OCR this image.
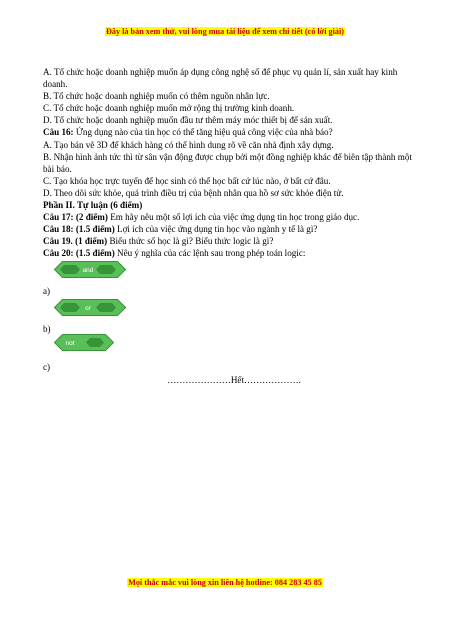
Đây là bản xem thử, vui lòng mua tài liệu để xem chi tiết (có lời giải)

A. Tổ chức hoặc doanh nghiệp muốn áp dụng công nghệ số để phục vụ quản lí, sản xuất hay kinh doanh.

B. Tổ chức hoặc doanh nghiệp muốn có thêm nguồn nhân lực.

C. Tổ chức hoặc doanh nghiệp muốn mở rộng thị trường kinh doanh.

D. Tổ chức hoặc doanh nghiệp muốn đầu tư thêm máy móc thiết bị để sản xuất.

Câu 16: Ứng dụng nào của tin học có thể tăng hiệu quả công việc của nhà báo?

A. Tạo bản vẽ 3D để khách hàng có thể hình dung rõ về căn nhà định xây dựng.

B. Nhận hình ảnh tức thì từ sân vận động được chụp bởi một đồng nghiệp khác để biên tập thành một bài báo.

C. Tạo khóa học trực tuyến để học sinh có thể học bất cứ lúc nào, ở bất cứ đâu.

D. Theo dõi sức khỏe, quá trình điều trị của bệnh nhân qua hồ sơ sức khỏe điện tử.

Phần II. Tự luận (6 điểm)

Câu 17: (2 điểm) Em hãy nêu một số lợi ích của việc ứng dụng tin học trong giáo dục.

Câu 18: (1.5 điểm) Lợi ích của việc ứng dụng tin học vào ngành y tế là gì?

Câu 19. (1 điểm) Biểu thức số học là gì? Biểu thức logic là gì?

Câu 20: (1.5 điểm) Nêu ý nghĩa của các lệnh sau trong phép toán logic:

and
a)
or
b)
not
c)

…………………Hết……………….

Mọi thắc mắc vui lòng xin liên hệ hotline: 084 283 45 85
